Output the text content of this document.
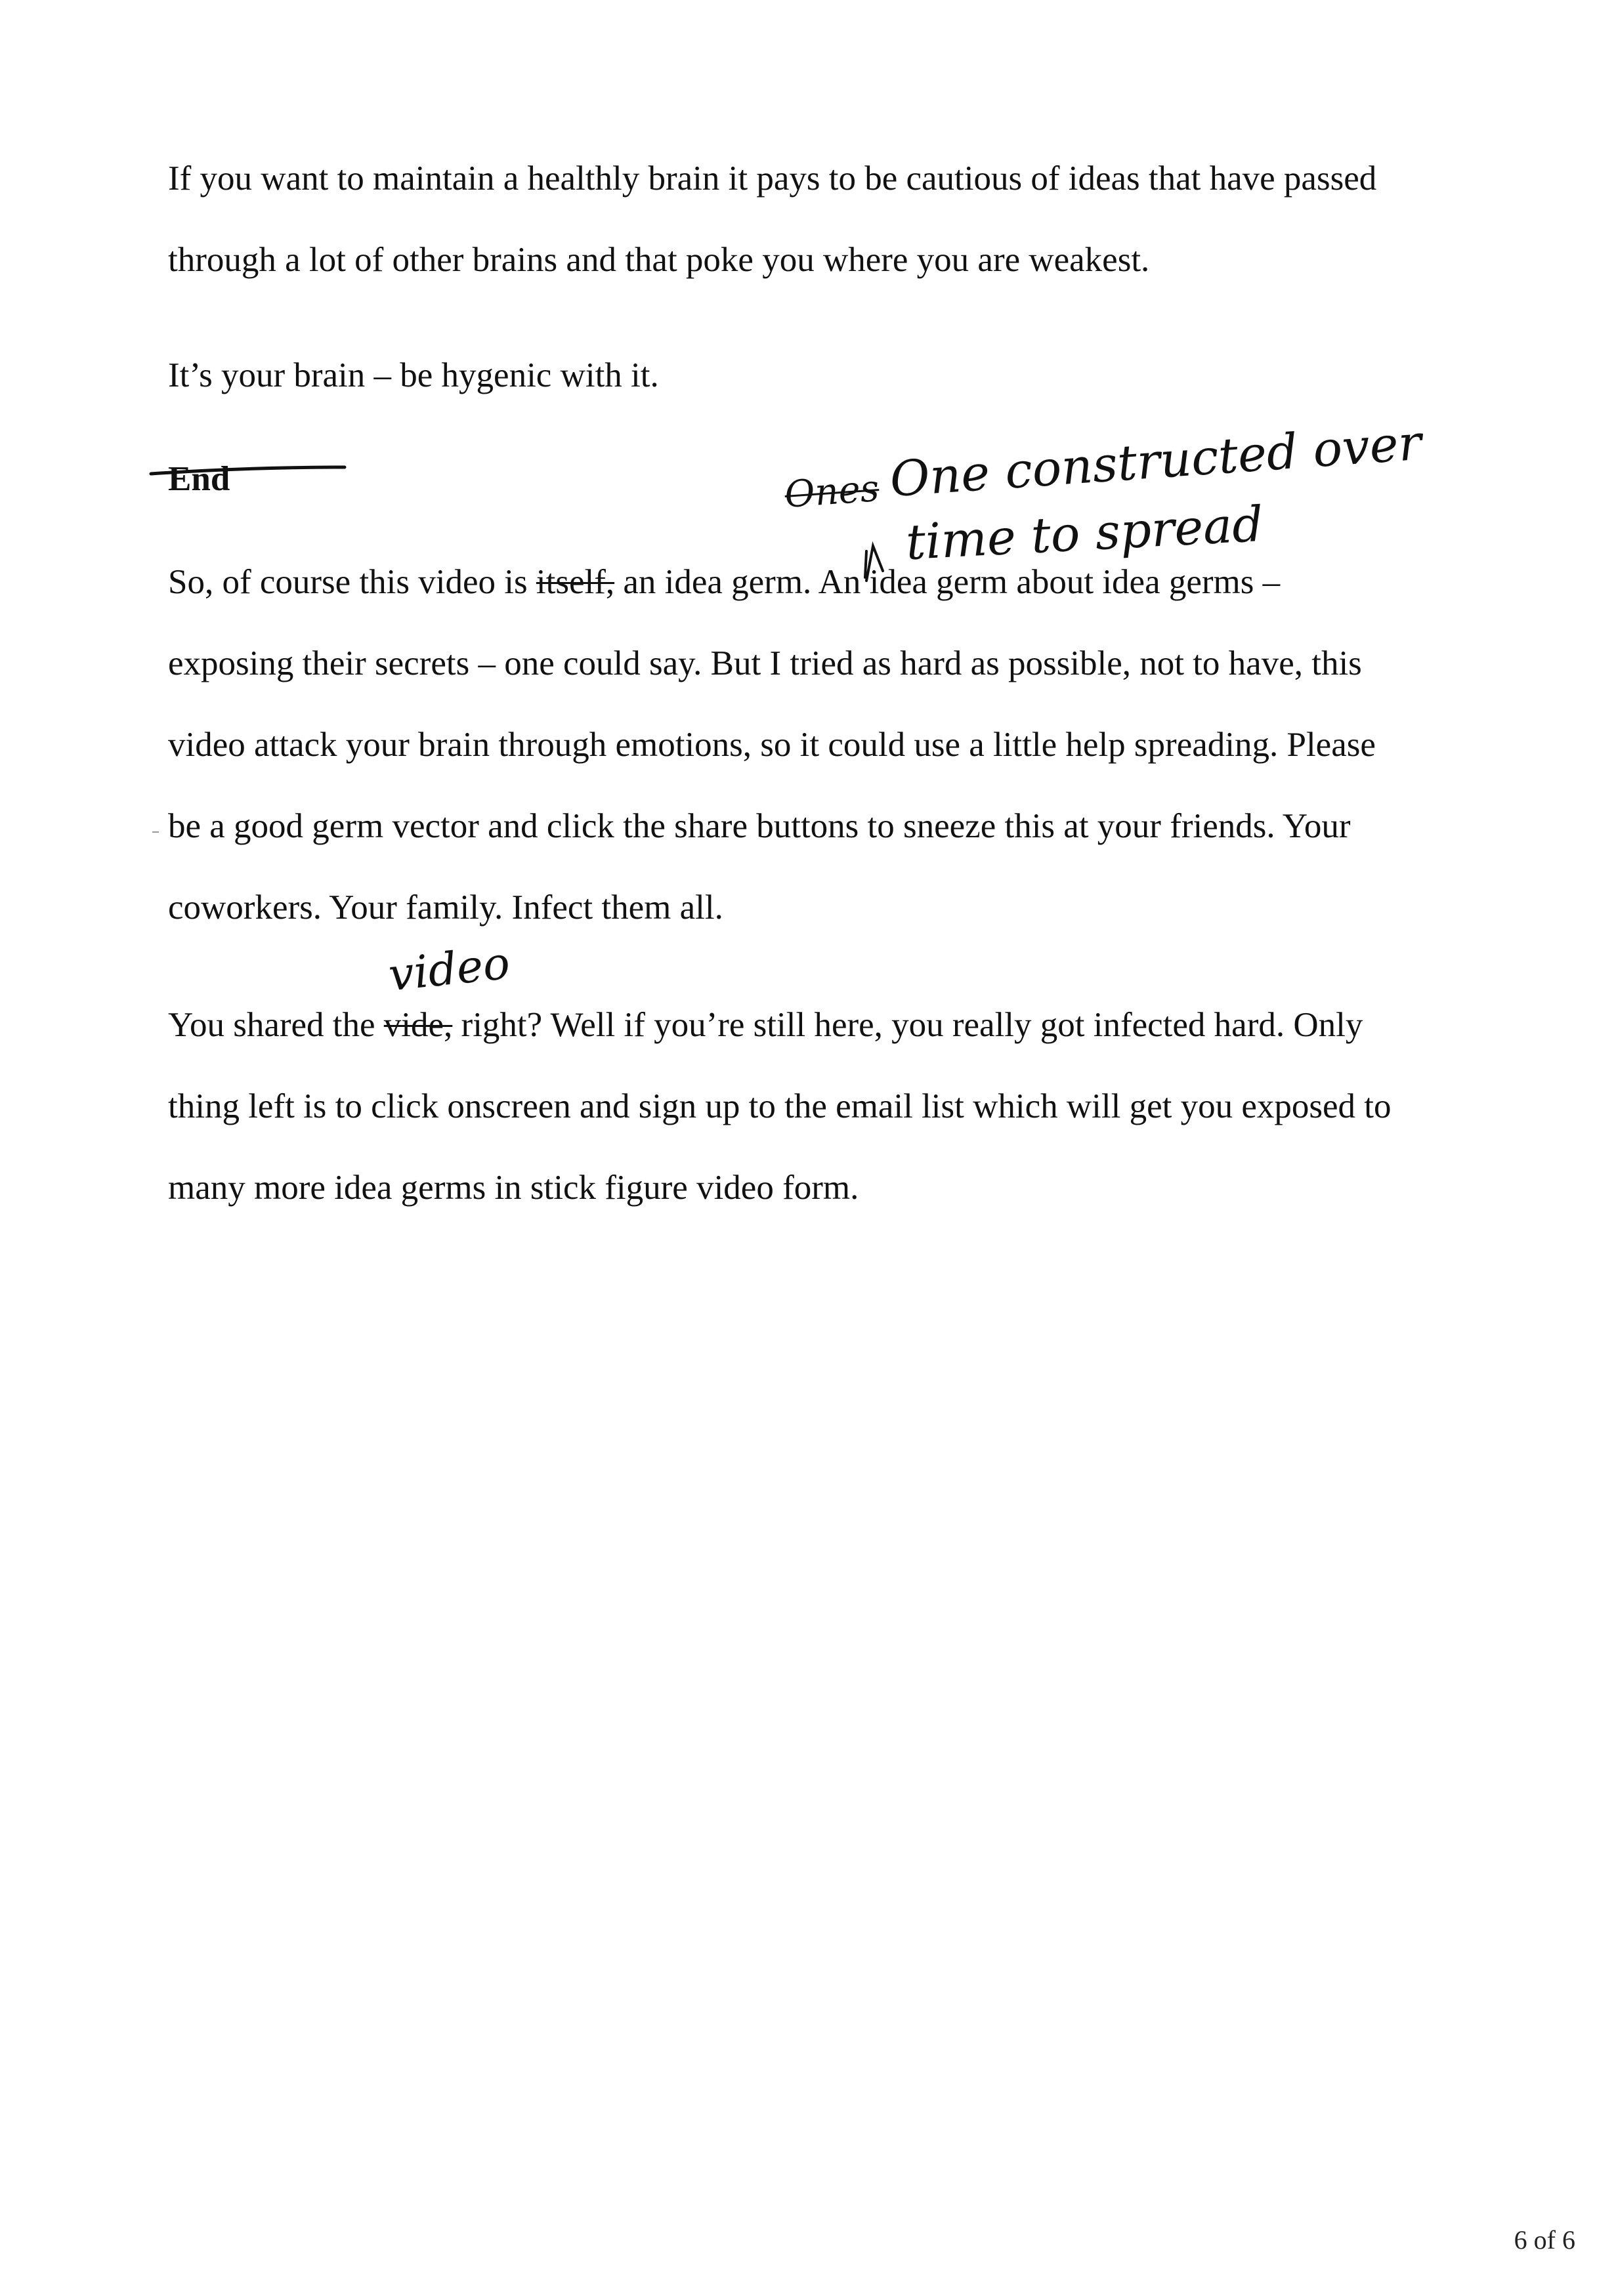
If you want to maintain a healthly brain it pays to be cautious of ideas that have passed
through a lot of other brains and that poke you where you are weakest.
It’s your brain – be hygenic with it.
End
So, of course this video is itself, an idea germ. An idea germ about idea germs –
exposing their secrets – one could say. But I tried as hard as possible, not to have, this
video attack your brain through emotions, so it could use a little help spreading. Please
be a good germ vector and click the share buttons to sneeze this at your friends. Your
coworkers. Your family. Infect them all.
You shared the vide, right? Well if you’re still here, you really got infected hard. Only
thing left is to click onscreen and sign up to the email list which will get you exposed to
many more idea germs in stick figure video form.
Ones One constructed over
time to spread
video
6 of 6
